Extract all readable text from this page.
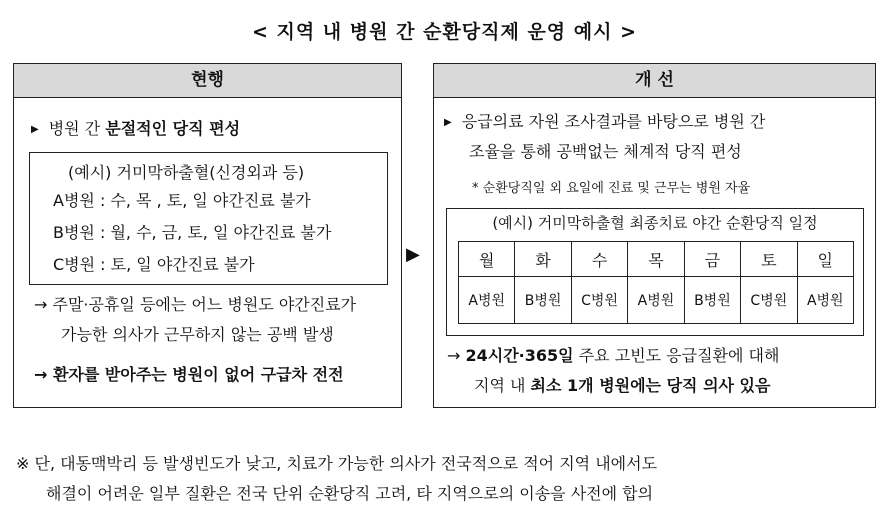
< 지역 내 병원 간 순환당직제 운영 예시 >
현행
▶ 병원 간 분절적인 당직 편성
(예시) 거미막하출혈(신경외과 등)
A병원 : 수, 목 , 토, 일 야간진료 불가
B병원 : 월, 수, 금, 토, 일 야간진료 불가
C병원 : 토, 일 야간진료 불가
→ 주말·공휴일 등에는 어느 병원도 야간진료가
가능한 의사가 근무하지 않는 공백 발생
→ 환자를 받아주는 병원이 없어 구급차 전전
▶
개 선
▶ 응급의료 자원 조사결과를 바탕으로 병원 간
조율을 통해 공백없는 체계적 당직 편성
* 순환당직일 외 요일에 진료 및 근무는 병원 자율
(예시) 거미막하출혈 최종치료 야간 순환당직 일정
월	화	수	목	금	토	일
A병원	B병원	C병원	A병원	B병원	C병원	A병원
→ 24시간·365일 주요 고빈도 응급질환에 대해
지역 내 최소 1개 병원에는 당직 의사 있음
※ 단, 대동맥박리 등 발생빈도가 낮고, 치료가 가능한 의사가 전국적으로 적어 지역 내에서도
해결이 어려운 일부 질환은 전국 단위 순환당직 고려, 타 지역으로의 이송을 사전에 합의
